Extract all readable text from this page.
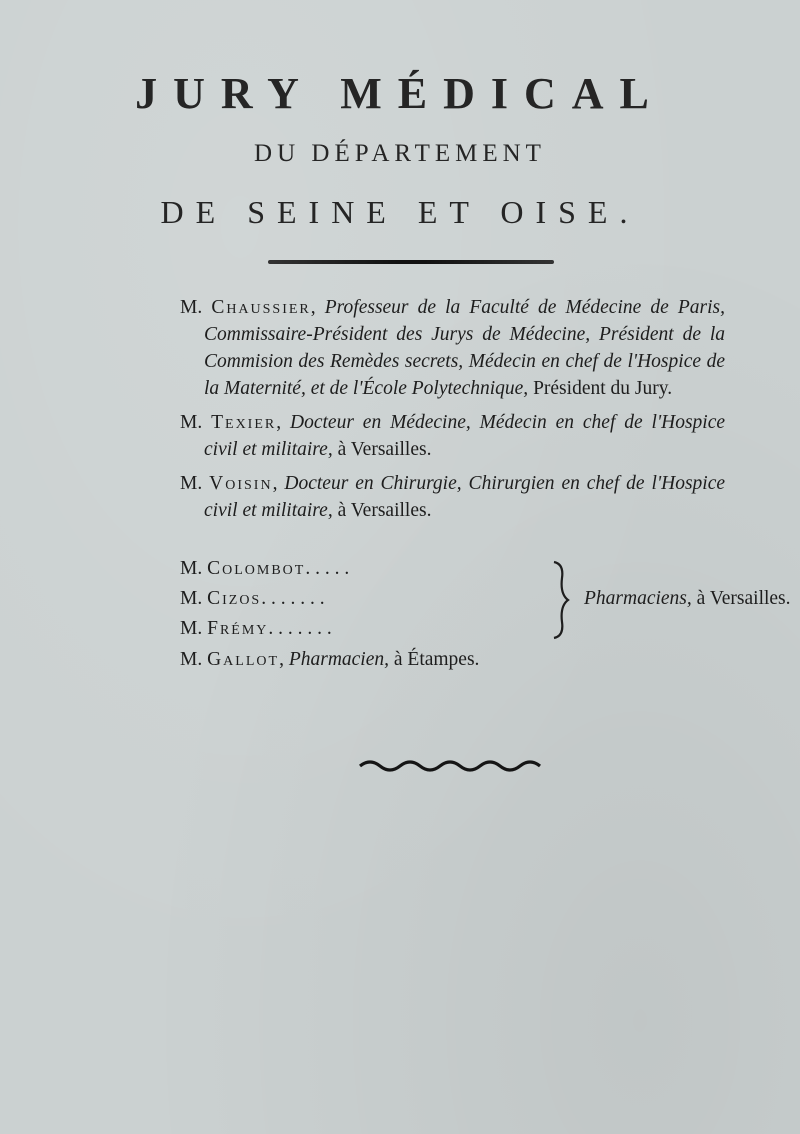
JURY MÉDICAL
DU DÉPARTEMENT
DE SEINE ET OISE.

M. Chaussier, Professeur de la Faculté de Médecine de Paris, Commissaire-Président des Jurys de Médecine, Président de la Commision des Remèdes secrets, Médecin en chef de l'Hospice de la Maternité, et de l'École Polytechnique, Président du Jury.

M. Texier, Docteur en Médecine, Médecin en chef de l'Hospice civil et militaire, à Versailles.

M. Voisin, Docteur en Chirurgie, Chirurgien en chef de l'Hospice civil et militaire, à Versailles.

M. Colombot. . . . .
M. Cizos. . . . . . .
M. Frémy. . . . . . .
Pharmaciens, à Versailles.
M. Gallot, Pharmacien, à Étampes.
